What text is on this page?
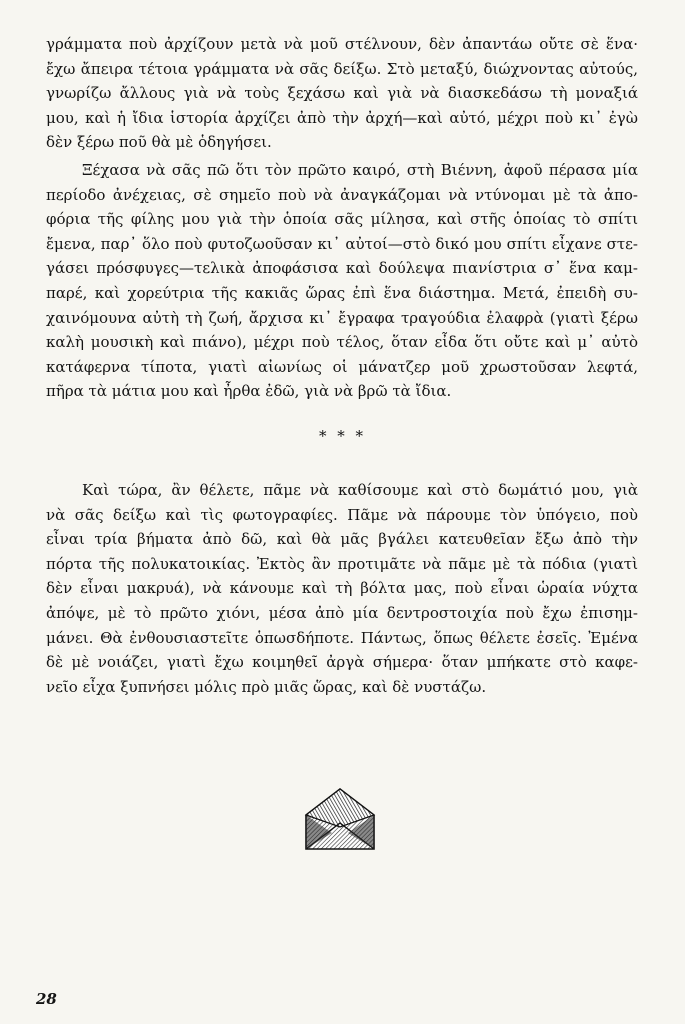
γράμματα ποὺ ἀρχίζουν μετὰ νὰ μοῦ στέλνουν, δὲν ἀπαντάω οὔτε σὲ ἕνα·
ἔχω ἄπειρα τέτοια γράμματα νὰ σᾶς δείξω. Στὸ μεταξύ, διώχνοντας αὐτούς,
γνωρίζω ἄλλους γιὰ νὰ τοὺς ξεχάσω καὶ γιὰ νὰ διασκεδάσω τὴ μοναξιά
μου, καὶ ἡ ἴδια ἱστορία ἀρχίζει ἀπὸ τὴν ἀρχή—καὶ αὐτό, μέχρι ποὺ κι᾿ ἐγὼ
δὲν ξέρω ποῦ θὰ μὲ ὁδηγήσει.
Ξέχασα νὰ σᾶς πῶ ὅτι τὸν πρῶτο καιρό, στὴ Βιέννη, ἀφοῦ πέρασα μία
περίοδο ἀνέχειας, σὲ σημεῖο ποὺ νὰ ἀναγκάζομαι νὰ ντύνομαι μὲ τὰ ἀπο-
φόρια τῆς φίλης μου γιὰ τὴν ὁποία σᾶς μίλησα, καὶ στῆς ὁποίας τὸ σπίτι
ἔμενα, παρ᾿ ὅλο ποὺ φυτοζωοῦσαν κι᾿ αὐτοί—στὸ δικό μου σπίτι εἶχανε στε-
γάσει πρόσφυγες—τελικὰ ἀποφάσισα καὶ δούλεψα πιανίστρια σ᾿ ἕνα καμ-
παρέ, καὶ χορεύτρια τῆς κακιᾶς ὥρας ἐπὶ ἕνα διάστημα. Μετά, ἐπειδὴ συ-
χαινόμουνα αὐτὴ τὴ ζωή, ἄρχισα κι᾿ ἔγραφα τραγούδια ἐλαφρὰ (γιατὶ ξέρω
καλὴ μουσικὴ καὶ πιάνο), μέχρι ποὺ τέλος, ὅταν εἶδα ὅτι οὔτε καὶ μ᾿ αὐτὸ
κατάφερνα τίποτα, γιατὶ αἰωνίως οἱ μάνατζερ μοῦ χρωστοῦσαν λεφτά,
πῆρα τὰ μάτια μου καὶ ἦρθα ἐδῶ, γιὰ νὰ βρῶ τὰ ἴδια.
* * *
Καὶ τώρα, ἂν θέλετε, πᾶμε νὰ καθίσουμε καὶ στὸ δωμάτιό μου, γιὰ
νὰ σᾶς δείξω καὶ τὶς φωτογραφίες. Πᾶμε νὰ πάρουμε τὸν ὑπόγειο, ποὺ
εἶναι τρία βήματα ἀπὸ δῶ, καὶ θὰ μᾶς βγάλει κατευθεῖαν ἔξω ἀπὸ τὴν
πόρτα τῆς πολυκατοικίας. Ἐκτὸς ἂν προτιμᾶτε νὰ πᾶμε μὲ τὰ πόδια (γιατὶ
δὲν εἶναι μακρυά), νὰ κάνουμε καὶ τὴ βόλτα μας, ποὺ εἶναι ὡραία νύχτα
ἀπόψε, μὲ τὸ πρῶτο χιόνι, μέσα ἀπὸ μία δεντροστοιχία ποὺ ἔχω ἐπισημ-
μάνει. Θὰ ἐνθουσιαστεῖτε ὁπωσδήποτε. Πάντως, ὅπως θέλετε ἐσεῖς. Ἐμένα
δὲ μὲ νοιάζει, γιατὶ ἔχω κοιμηθεῖ ἀργὰ σήμερα· ὅταν μπήκατε στὸ καφε-
νεῖο εἶχα ξυπνήσει μόλις πρὸ μιᾶς ὥρας, καὶ δὲ νυστάζω.
28
